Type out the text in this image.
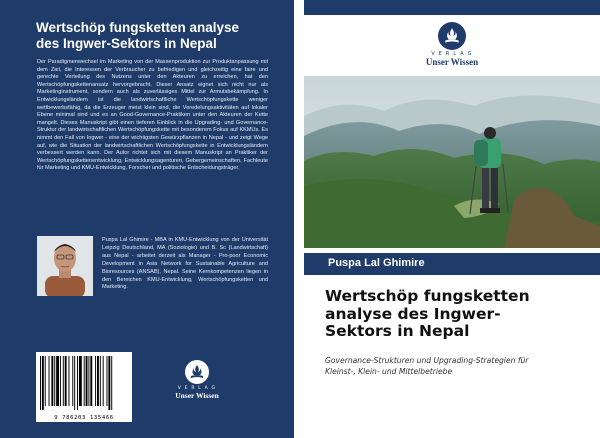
Wertschöp fungsketten analyse
des Ingwer-Sektors in Nepal

Der Paradigmenwechsel im Marketing von der Massenproduktion zur Produktanpassung mit dem Ziel, die Interessen der Verbraucher zu befriedigen und gleichzeitig eine faire und gerechte Verteilung des Nutzens unter den Akteuren zu erreichen, hat den Wertschöpfungskettenansatz hervorgebracht. Dieser Ansatz eignet sich nicht nur als Marketinginstrument, sondern auch als zuverlässiges Mittel zur Armutsbekämpfung. In Entwicklungsländern ist die landwirtschaftliche Wertschöpfungskette weniger wettbewerbsfähig, da die Erzeuger meist klein sind, die Veredelungsaktivitäten auf lokaler Ebene minimal sind und es an Good-Governance-Praktiken unter den Akteuren der Kette mangelt. Dieses Manuskript gibt einen tieferen Einblick in die Upgrading- und Governance-Struktur der landwirtschaftlichen Wertschöpfungskette mit besonderem Fokus auf KKMUs. Es nimmt den Fall von Ingwer - eine der wichtigsten Gewürzpflanzen in Nepal - und zeigt Wege auf, wie die Situation der landwirtschaftlichen Wertschöpfungskette in Entwicklungsländern verbessert werden kann. Der Autor richtet sich mit diesem Manuskript an Praktiker der Wertschöpfungskettenentwicklung, Entwicklungsagenturen, Gebergemeinschaften, Fachleute für Marketing und KMU-Entwicklung, Forscher und politische Entscheidungsträger.

Puspa Lal Ghimire - MBA in KMU-Entwicklung von der Universität Leipzig Deutschland, MA (Soziologie) und B. Sc (Landwirtschaft) aus Nepal - arbeitet derzeit als Manager - Pro-poor Economic Development in Asia Network for Sustainable Agriculture and Bioresources (ANSAB), Nepal. Seine Kernkompetenzen liegen in den Bereichen KMU-Entwicklung, Wertschöpfungsketten und Marketing.

9 786203 135466
V E R L A G
Unser Wissen
V E R L A G
Unser Wissen
Puspa Lal Ghimire
Wertschöp fungsketten
analyse des Ingwer-
Sektors in Nepal

Governance-Strukturen und Upgrading-Strategien für
Kleinst-, Klein- und Mittelbetriebe
